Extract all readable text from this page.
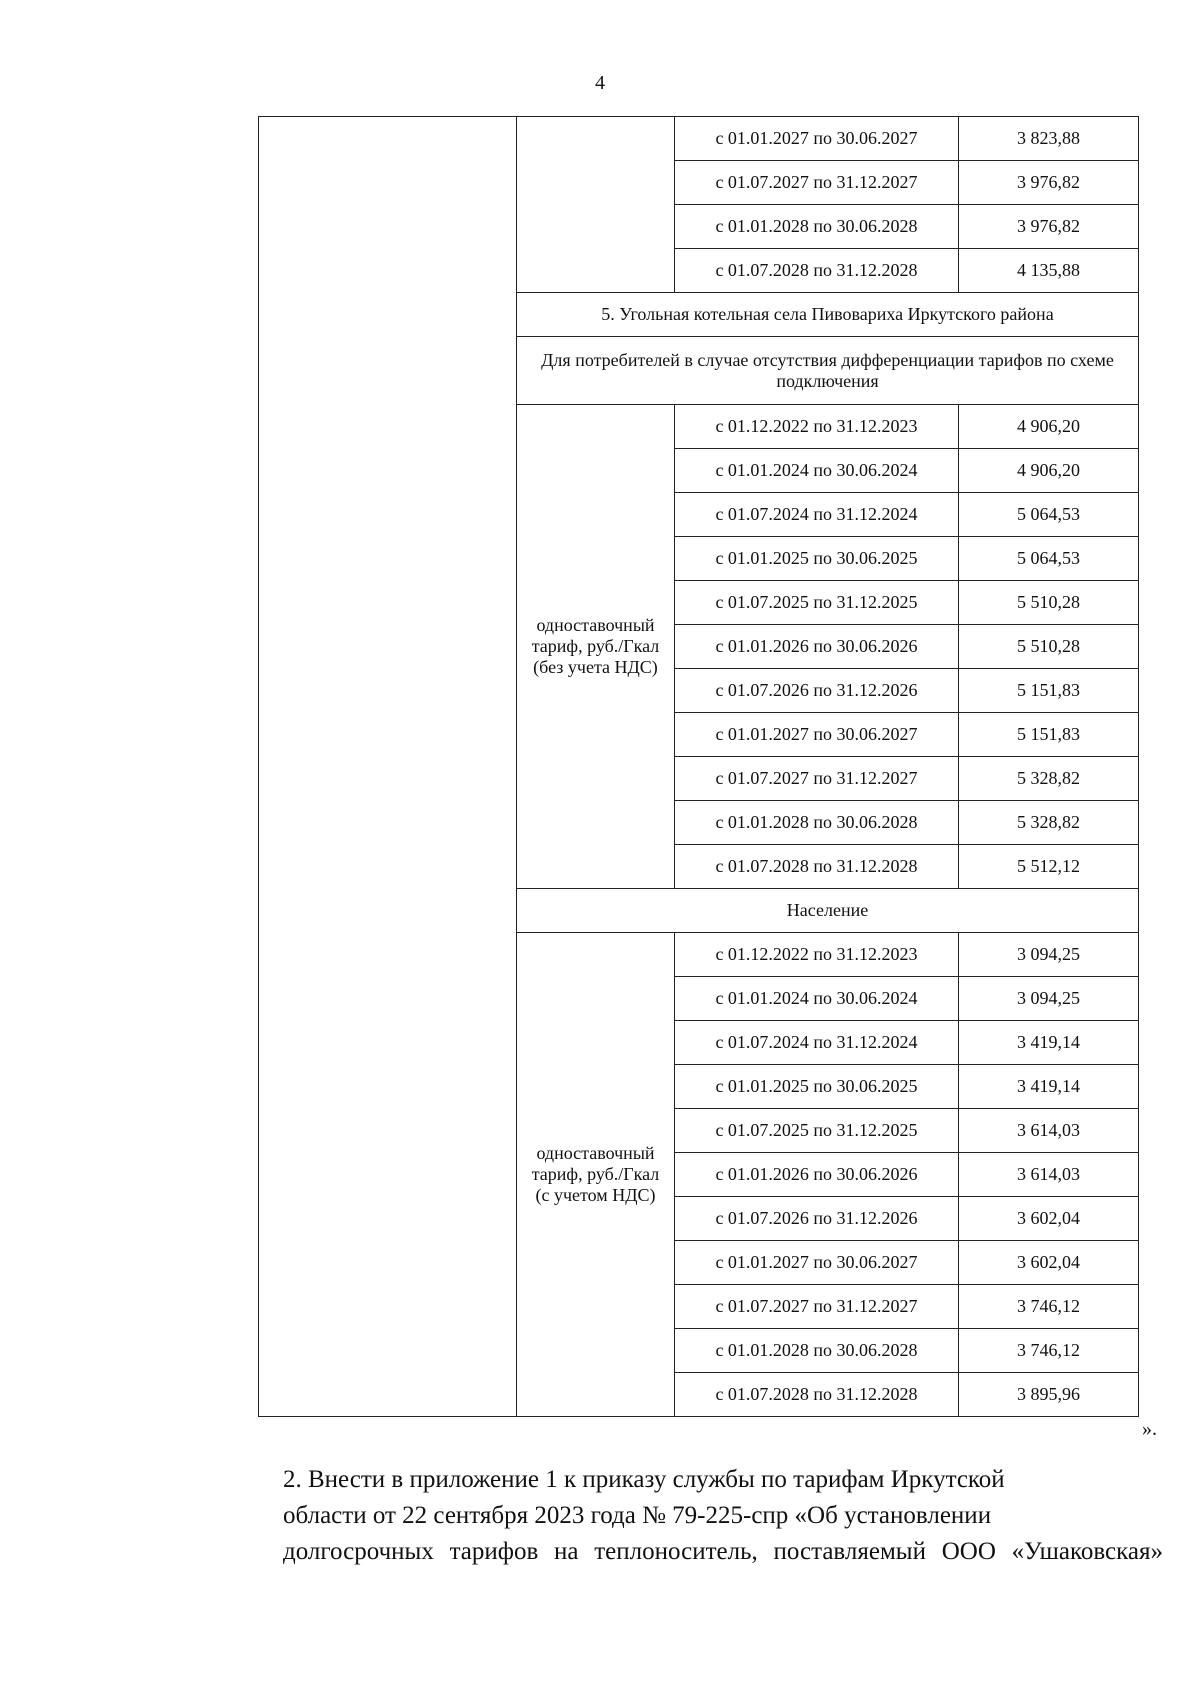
4
		с 01.01.2027 по 30.06.2027	3 823,88
		с 01.07.2027 по 31.12.2027	3 976,82
		с 01.01.2028 по 30.06.2028	3 976,82
		с 01.07.2028 по 31.12.2028	4 135,88
	5. Угольная котельная села Пивовариха Иркутского района		
	Для потребителей в случае отсутствия дифференциации тарифов по схеме подключения		
	одноставочный тариф, руб./Гкал (без учета НДС)	с 01.12.2022 по 31.12.2023	4 906,20
		с 01.01.2024 по 30.06.2024	4 906,20
		с 01.07.2024 по 31.12.2024	5 064,53
		с 01.01.2025 по 30.06.2025	5 064,53
		с 01.07.2025 по 31.12.2025	5 510,28
		с 01.01.2026 по 30.06.2026	5 510,28
		с 01.07.2026 по 31.12.2026	5 151,83
		с 01.01.2027 по 30.06.2027	5 151,83
		с 01.07.2027 по 31.12.2027	5 328,82
		с 01.01.2028 по 30.06.2028	5 328,82
		с 01.07.2028 по 31.12.2028	5 512,12
	Население		
	одноставочный тариф, руб./Гкал (с учетом НДС)	с 01.12.2022 по 31.12.2023	3 094,25
		с 01.01.2024 по 30.06.2024	3 094,25
		с 01.07.2024 по 31.12.2024	3 419,14
		с 01.01.2025 по 30.06.2025	3 419,14
		с 01.07.2025 по 31.12.2025	3 614,03
		с 01.01.2026 по 30.06.2026	3 614,03
		с 01.07.2026 по 31.12.2026	3 602,04
		с 01.01.2027 по 30.06.2027	3 602,04
		с 01.07.2027 по 31.12.2027	3 746,12
		с 01.01.2028 по 30.06.2028	3 746,12
		с 01.07.2028 по 31.12.2028	3 895,96
».

2. Внести в приложение 1 к приказу службы по тарифам Иркутской
области от 22 сентября 2023 года № 79-225-спр «Об установлении
долгосрочных тарифов на теплоноситель, поставляемый ООО «Ушаковская»
